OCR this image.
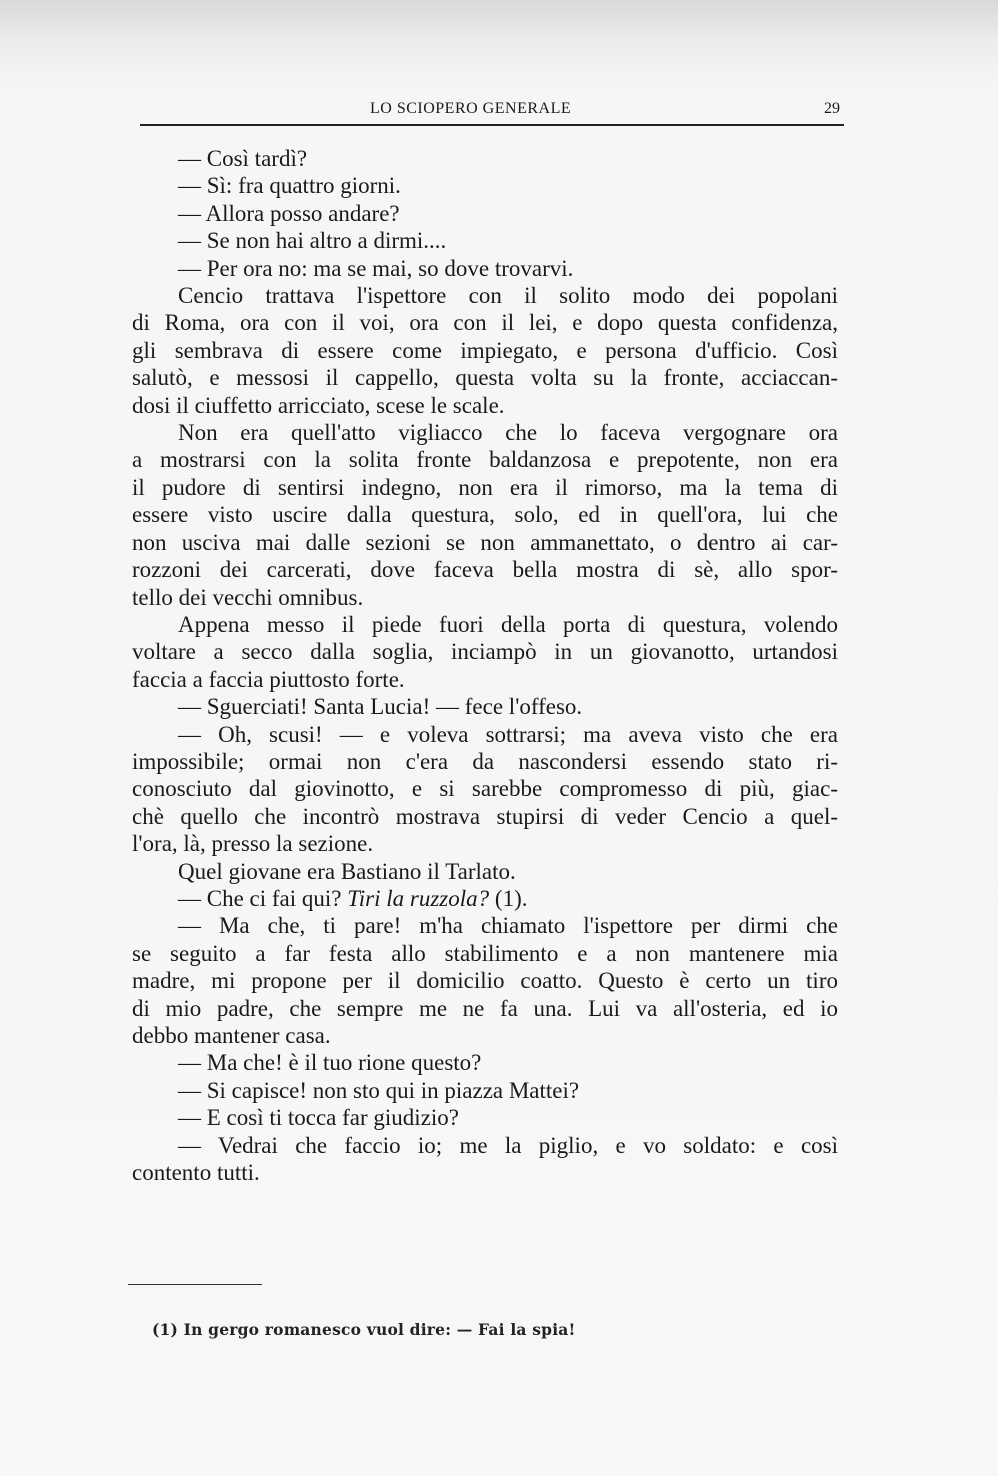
LO SCIOPERO GENERALE	29
— Così tardì?
— Sì: fra quattro giorni.
— Allora posso andare?
— Se non hai altro a dirmi....
— Per ora no: ma se mai, so dove trovarvi.
Cencio trattava l'ispettore con il solito modo dei popolani
di Roma, ora con il voi, ora con il lei, e dopo questa confidenza,
gli sembrava di essere come impiegato, e persona d'ufficio. Così
salutò, e messosi il cappello, questa volta su la fronte, acciaccan-
dosi il ciuffetto arricciato, scese le scale.
Non era quell'atto vigliacco che lo faceva vergognare ora
a mostrarsi con la solita fronte baldanzosa e prepotente, non era
il pudore di sentirsi indegno, non era il rimorso, ma la tema di
essere visto uscire dalla questura, solo, ed in quell'ora, lui che
non usciva mai dalle sezioni se non ammanettato, o dentro ai car-
rozzoni dei carcerati, dove faceva bella mostra di sè, allo spor-
tello dei vecchi omnibus.
Appena messo il piede fuori della porta di questura, volendo
voltare a secco dalla soglia, inciampò in un giovanotto, urtandosi
faccia a faccia piuttosto forte.
— Sguerciati! Santa Lucia! — fece l'offeso.
— Oh, scusi! — e voleva sottrarsi; ma aveva visto che era
impossibile; ormai non c'era da nascondersi essendo stato ri-
conosciuto dal giovinotto, e si sarebbe compromesso di più, giac-
chè quello che incontrò mostrava stupirsi di veder Cencio a quel-
l'ora, là, presso la sezione.
Quel giovane era Bastiano il Tarlato.
— Che ci fai qui? Tiri la ruzzola? (1).
— Ma che, ti pare! m'ha chiamato l'ispettore per dirmi che
se seguito a far festa allo stabilimento e a non mantenere mia
madre, mi propone per il domicilio coatto. Questo è certo un tiro
di mio padre, che sempre me ne fa una. Lui va all'osteria, ed io
debbo mantener casa.
— Ma che! è il tuo rione questo?
— Si capisce! non sto qui in piazza Mattei?
— E così ti tocca far giudizio?
— Vedrai che faccio io; me la piglio, e vo soldato: e così
contento tutti.
(1) In gergo romanesco vuol dire: — Fai la spia!
